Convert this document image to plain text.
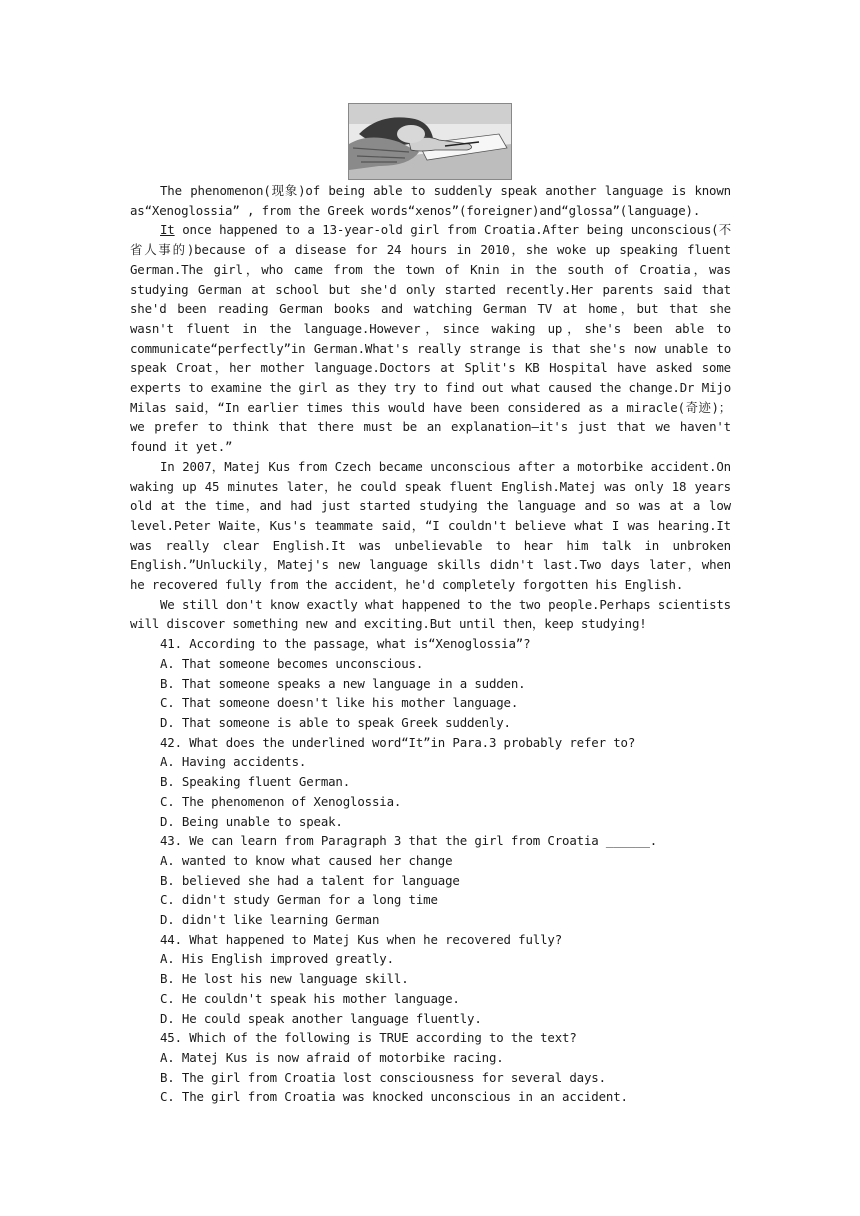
The phenomenon(现象)of being able to suddenly speak another language is known as“Xenoglossia” , from the Greek words“xenos”(foreigner)and“glossa”(language).

It once happened to a 13-year-old girl from Croatia.After being unconscious(不省人事的)because of a disease for 24 hours in 2010，she woke up speaking fluent German.The girl，who came from the town of Knin in the south of Croatia，was studying German at school but she'd only started recently.Her parents said that she'd been reading German books and watching German TV at home，but that she wasn't fluent in the language.However，since waking up，she's been able to communicate“perfectly”in German.What's really strange is that she's now unable to speak Croat，her mother language.Doctors at Split's KB Hospital have asked some experts to examine the girl as they try to find out what caused the change.Dr Mijo Milas said，“In earlier times this would have been considered as a miracle(奇迹)；we prefer to think that there must be an explanation—it's just that we haven't found it yet.”

In 2007，Matej Kus from Czech became unconscious after a motorbike accident.On waking up 45 minutes later，he could speak fluent English.Matej was only 18 years old at the time，and had just started studying the language and so was at a low level.Peter Waite，Kus's teammate said，“I couldn't believe what I was hearing.It was really clear English.It was unbelievable to hear him talk in unbroken English.”Unluckily，Matej's new language skills didn't last.Two days later，when he recovered fully from the accident，he'd completely forgotten his English.

We still don't know exactly what happened to the two people.Perhaps scientists will discover something new and exciting.But until then，keep studying!

41. According to the passage，what is“Xenoglossia”?

A. That someone becomes unconscious.

B. That someone speaks a new language in a sudden.

C. That someone doesn't like his mother language.

D. That someone is able to speak Greek suddenly.

42. What does the underlined word“It”in Para.3 probably refer to?

A. Having accidents.

B. Speaking fluent German.

C. The phenomenon of Xenoglossia.

D. Being unable to speak.

43. We can learn from Paragraph 3 that the girl from Croatia ______.

A. wanted to know what caused her change

B. believed she had a talent for language

C. didn't study German for a long time

D. didn't like learning German

44. What happened to Matej Kus when he recovered fully?

A. His English improved greatly.

B. He lost his new language skill.

C. He couldn't speak his mother language.

D. He could speak another language fluently.

45. Which of the following is TRUE according to the text?

A. Matej Kus is now afraid of motorbike racing.

B. The girl from Croatia lost consciousness for several days.

C. The girl from Croatia was knocked unconscious in an accident.
